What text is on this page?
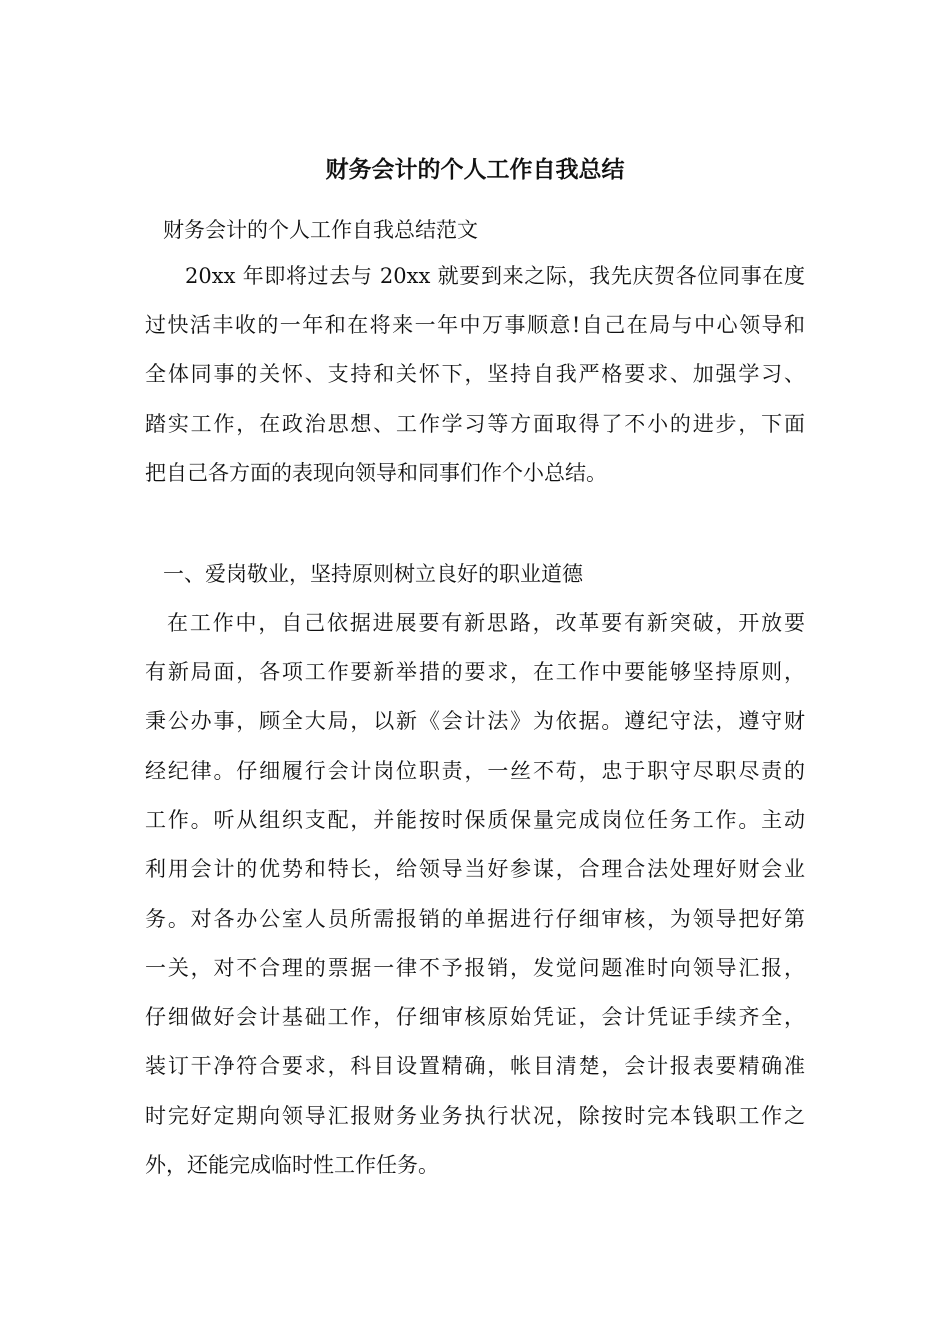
财务会计的个人工作自我总结
财务会计的个人工作自我总结范文
20xx 年即将过去与 20xx 就要到来之际，我先庆贺各位同事在度
过快活丰收的一年和在将来一年中万事顺意!自己在局与中心领导和
全体同事的关怀、支持和关怀下，坚持自我严格要求、加强学习、
踏实工作，在政治思想、工作学习等方面取得了不小的进步，下面
把自己各方面的表现向领导和同事们作个小总结。
一、爱岗敬业，坚持原则树立良好的职业道德
在工作中，自己依据进展要有新思路，改革要有新突破，开放要
有新局面，各项工作要新举措的要求，在工作中要能够坚持原则，
秉公办事，顾全大局，以新《会计法》为依据。遵纪守法，遵守财
经纪律。仔细履行会计岗位职责，一丝不苟，忠于职守尽职尽责的
工作。听从组织支配，并能按时保质保量完成岗位任务工作。主动
利用会计的优势和特长，给领导当好参谋，合理合法处理好财会业
务。对各办公室人员所需报销的单据进行仔细审核，为领导把好第
一关，对不合理的票据一律不予报销，发觉问题准时向领导汇报，
仔细做好会计基础工作，仔细审核原始凭证，会计凭证手续齐全，
装订干净符合要求，科目设置精确，帐目清楚，会计报表要精确准
时完好定期向领导汇报财务业务执行状况，除按时完本钱职工作之
外，还能完成临时性工作任务。
